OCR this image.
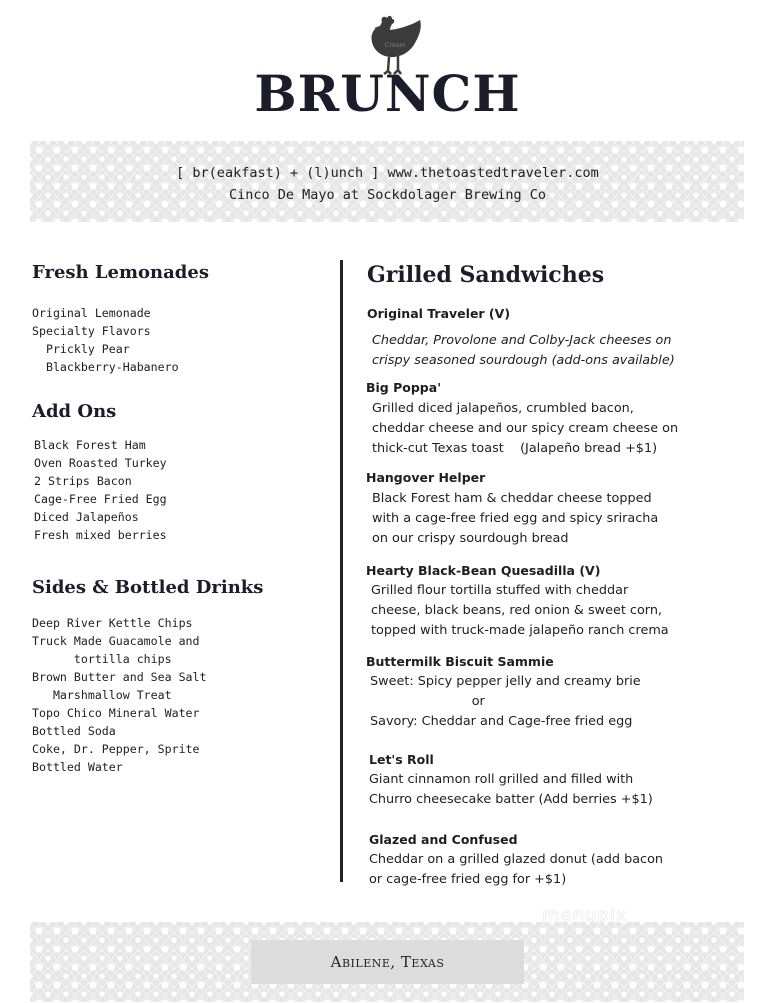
Cream
BRUNCH
[ br(eakfast) + (l)unch ] www.thetoastedtraveler.com
Cinco De Mayo at Sockdolager Brewing Co
Fresh Lemonades
Original Lemonade
Specialty Flavors
Prickly Pear
Blackberry-Habanero
Add Ons
Black Forest Ham
Oven Roasted Turkey
2 Strips Bacon
Cage-Free Fried Egg
Diced Jalapeños
Fresh mixed berries
Sides & Bottled Drinks
Deep River Kettle Chips
Truck Made Guacamole and
tortilla chips
Brown Butter and Sea Salt
Marshmallow Treat
Topo Chico Mineral Water
Bottled Soda
Coke, Dr. Pepper, Sprite
Bottled Water
Grilled Sandwiches

Original Traveler (V)

Cheddar, Provolone and Colby-Jack cheeses on
crispy seasoned sourdough (add-ons available)

Big Poppa'

Grilled diced jalapeños, crumbled bacon,
cheddar cheese and our spicy cream cheese on
thick-cut Texas toast    (Jalapeño bread +$1)

Hangover Helper

Black Forest ham & cheddar cheese topped
with a cage-free fried egg and spicy sriracha
on our crispy sourdough bread

Hearty Black-Bean Quesadilla (V)

Grilled flour tortilla stuffed with cheddar
cheese, black beans, red onion & sweet corn,
topped with truck-made jalapeño ranch crema

Buttermilk Biscuit Sammie

Sweet: Spicy pepper jelly and creamy brie
or
Savory: Cheddar and Cage-free fried egg

Let's Roll

Giant cinnamon roll grilled and filled with
Churro cheesecake batter (Add berries +$1)

Glazed and Confused

Cheddar on a grilled glazed donut (add bacon
or cage-free fried egg for +$1)

menupix
Abilene, Texas
